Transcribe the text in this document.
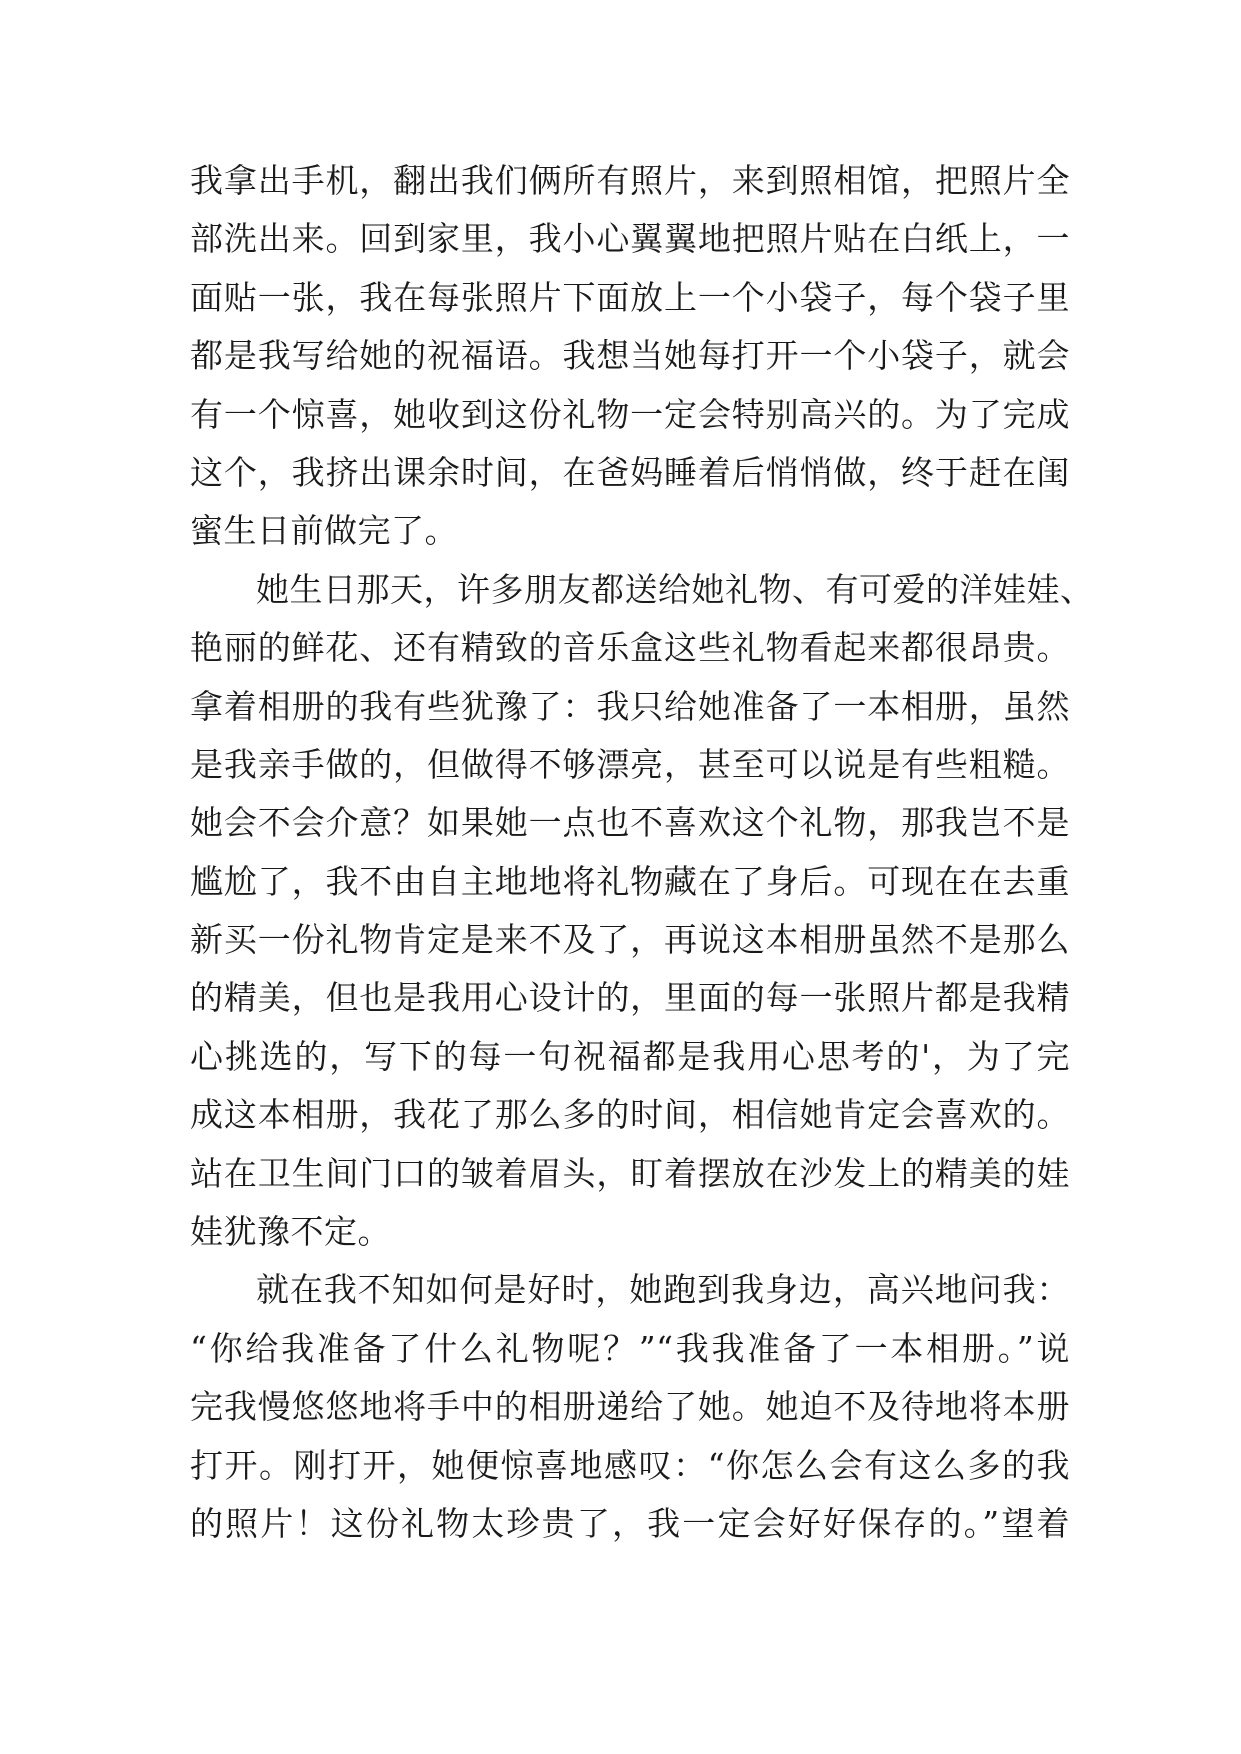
我拿出手机，翻出我们俩所有照片，来到照相馆，把照片全
部洗出来。回到家里，我小心翼翼地把照片贴在白纸上，一
面贴一张，我在每张照片下面放上一个小袋子，每个袋子里
都是我写给她的祝福语。我想当她每打开一个小袋子，就会
有一个惊喜，她收到这份礼物一定会特别高兴的。为了完成
这个，我挤出课余时间，在爸妈睡着后悄悄做，终于赶在闺
蜜生日前做完了。
她生日那天，许多朋友都送给她礼物、有可爱的洋娃娃、
艳丽的鲜花、还有精致的音乐盒这些礼物看起来都很昂贵。
拿着相册的我有些犹豫了：我只给她准备了一本相册，虽然
是我亲手做的，但做得不够漂亮，甚至可以说是有些粗糙。
她会不会介意？如果她一点也不喜欢这个礼物，那我岂不是
尴尬了，我不由自主地地将礼物藏在了身后。可现在在去重
新买一份礼物肯定是来不及了，再说这本相册虽然不是那么
的精美，但也是我用心设计的，里面的每一张照片都是我精
心挑选的，写下的每一句祝福都是我用心思考的'，为了完
成这本相册，我花了那么多的时间，相信她肯定会喜欢的。
站在卫生间门口的皱着眉头，盯着摆放在沙发上的精美的娃
娃犹豫不定。
就在我不知如何是好时，她跑到我身边，高兴地问我：
“你给我准备了什么礼物呢？”“我我准备了一本相册。”说
完我慢悠悠地将手中的相册递给了她。她迫不及待地将本册
打开。刚打开，她便惊喜地感叹：“你怎么会有这么多的我
的照片！这份礼物太珍贵了，我一定会好好保存的。”望着
